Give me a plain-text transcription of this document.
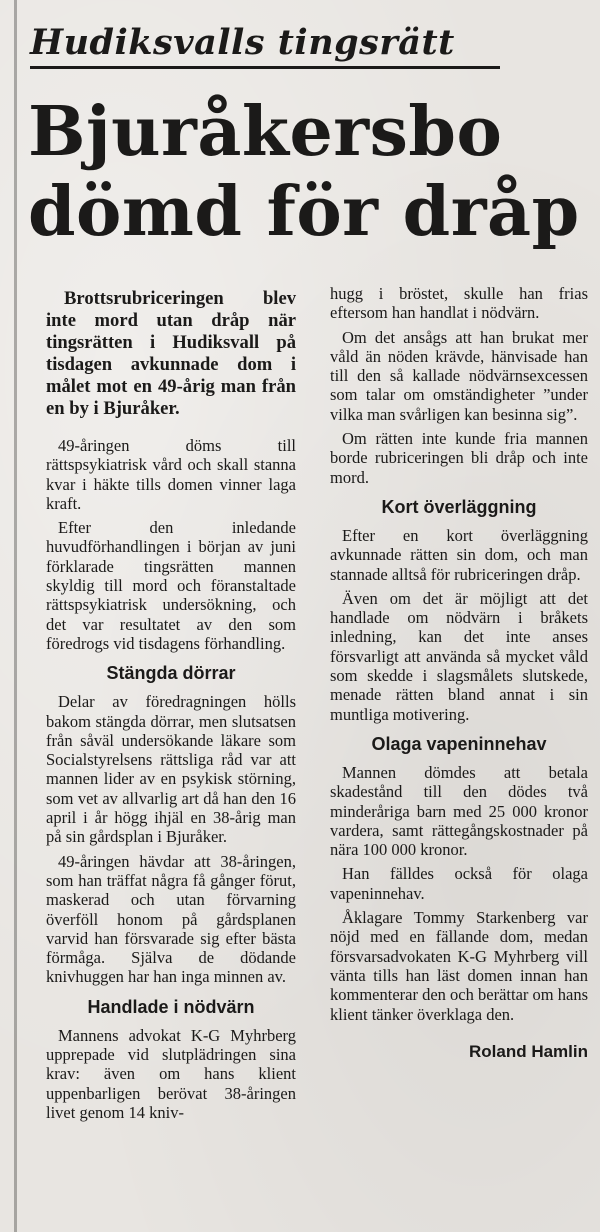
Hudiksvalls tingsrätt
Bjuråkersbo
dömd för dråp
Brottsrubriceringen blev inte mord utan dråp när tingsrätten i Hudiksvall på tisdagen avkunnade dom i målet mot en 49-årig man från en by i Bjuråker.

49-åringen döms till rättspsykiatrisk vård och skall stanna kvar i häkte tills domen vinner laga kraft.

Efter den inledande huvudförhandlingen i början av juni förklarade tingsrätten mannen skyldig till mord och föranstaltade rättspsykiatrisk undersökning, och det var resultatet av den som föredrogs vid tisdagens förhandling.

Stängda dörrar

Delar av föredragningen hölls bakom stängda dörrar, men slutsatsen från såväl undersökande läkare som Socialstyrelsens rättsliga råd var att mannen lider av en psykisk störning, som vet av allvarlig art då han den 16 april i år högg ihjäl en 38-årig man på sin gårdsplan i Bjuråker.

49-åringen hävdar att 38-åringen, som han träffat några få gånger förut, maskerad och utan förvarning överföll honom på gårdsplanen varvid han försvarade sig efter bästa förmåga. Själva de dödande knivhuggen har han inga minnen av.

Handlade i nödvärn

Mannens advokat K-G Myhrberg upprepade vid slutplädringen sina krav: även om hans klient uppenbarligen berövat 38-åringen livet genom 14 kniv-

hugg i bröstet, skulle han frias eftersom han handlat i nödvärn.

Om det ansågs att han brukat mer våld än nöden krävde, hänvisade han till den så kallade nödvärnsexcessen som talar om omständigheter ”under vilka man svårligen kan besinna sig”.

Om rätten inte kunde fria mannen borde rubriceringen bli dråp och inte mord.

Kort överläggning

Efter en kort överläggning avkunnade rätten sin dom, och man stannade alltså för rubriceringen dråp.

Även om det är möjligt att det handlade om nödvärn i bråkets inledning, kan det inte anses försvarligt att använda så mycket våld som skedde i slagsmålets slutskede, menade rätten bland annat i sin muntliga motivering.

Olaga vapeninnehav

Mannen dömdes att betala skadestånd till den dödes två minderåriga barn med 25 000 kronor vardera, samt rättegångskostnader på nära 100 000 kronor.

Han fälldes också för olaga vapeninnehav.

Åklagare Tommy Starkenberg var nöjd med en fällande dom, medan försvarsadvokaten K-G Myhrberg vill vänta tills han läst domen innan han kommenterar den och berättar om hans klient tänker överklaga den.

Roland Hamlin
